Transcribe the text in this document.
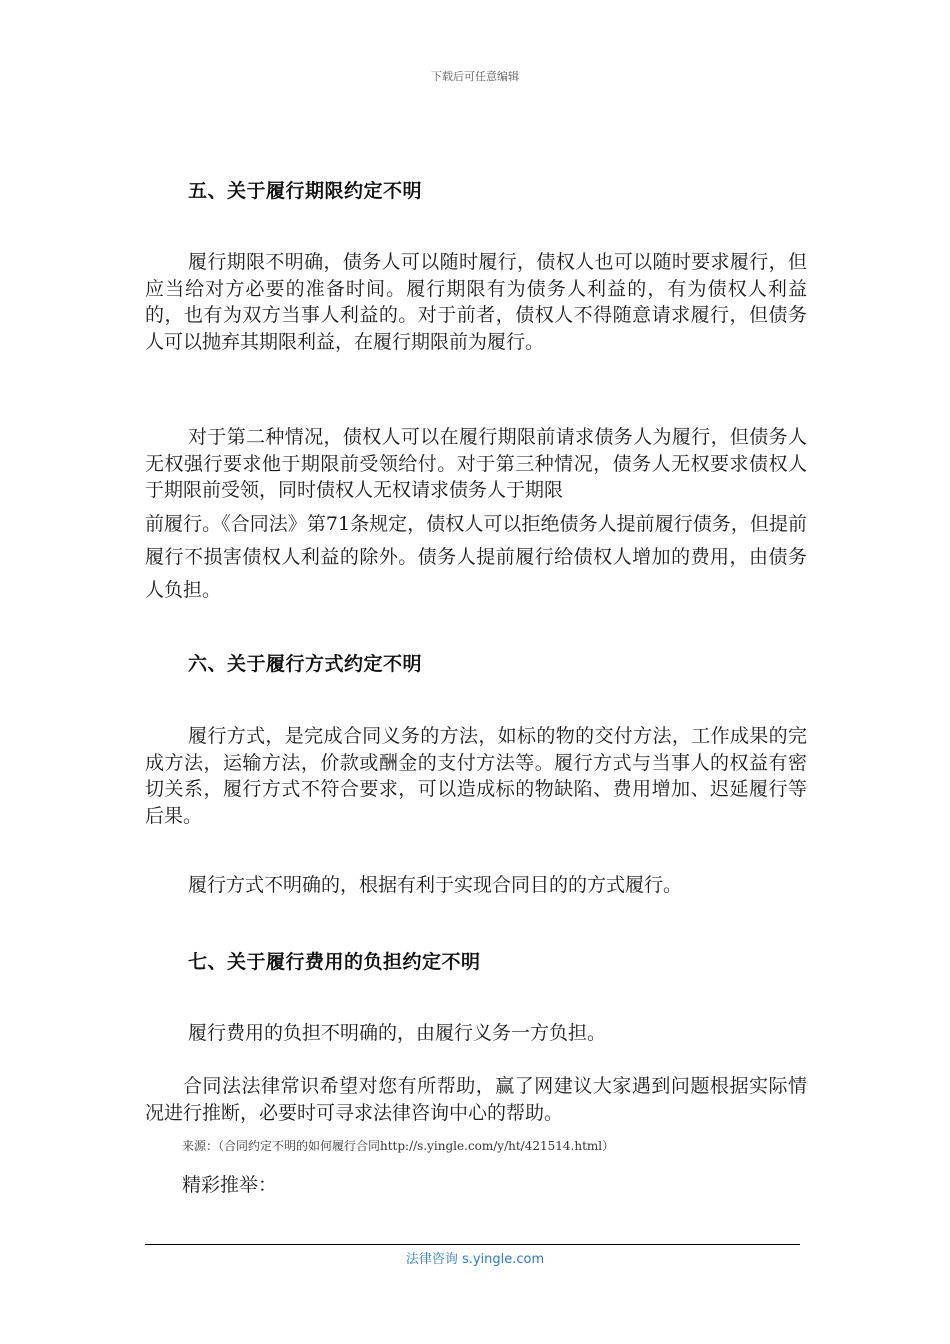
下载后可任意编辑
五、关于履行期限约定不明
履行期限不明确，债务人可以随时履行，债权人也可以随时要求履行，但应当给对方必要的准备时间。履行期限有为债务人利益的，有为债权人利益的，也有为双方当事人利益的。对于前者，债权人不得随意请求履行，但债务人可以抛弃其期限利益，在履行期限前为履行。
对于第二种情况，债权人可以在履行期限前请求债务人为履行，但债务人无权强行要求他于期限前受领给付。对于第三种情况，债务人无权要求债权人于期限前受领，同时债权人无权请求债务人于期限
前履行。《合同法》第71条规定，债权人可以拒绝债务人提前履行债务，但提前履行不损害债权人利益的除外。债务人提前履行给债权人增加的费用，由债务人负担。
六、关于履行方式约定不明
履行方式，是完成合同义务的方法，如标的物的交付方法，工作成果的完成方法，运输方法，价款或酬金的支付方法等。履行方式与当事人的权益有密切关系，履行方式不符合要求，可以造成标的物缺陷、费用增加、迟延履行等后果。
履行方式不明确的，根据有利于实现合同目的的方式履行。
七、关于履行费用的负担约定不明
履行费用的负担不明确的，由履行义务一方负担。
合同法法律常识希望对您有所帮助，赢了网建议大家遇到问题根据实际情况进行推断，必要时可寻求法律咨询中心的帮助。
来源：（合同约定不明的如何履行合同http://s.yingle.com/y/ht/421514.html）
精彩推举：
法律咨询 s.yingle.com
